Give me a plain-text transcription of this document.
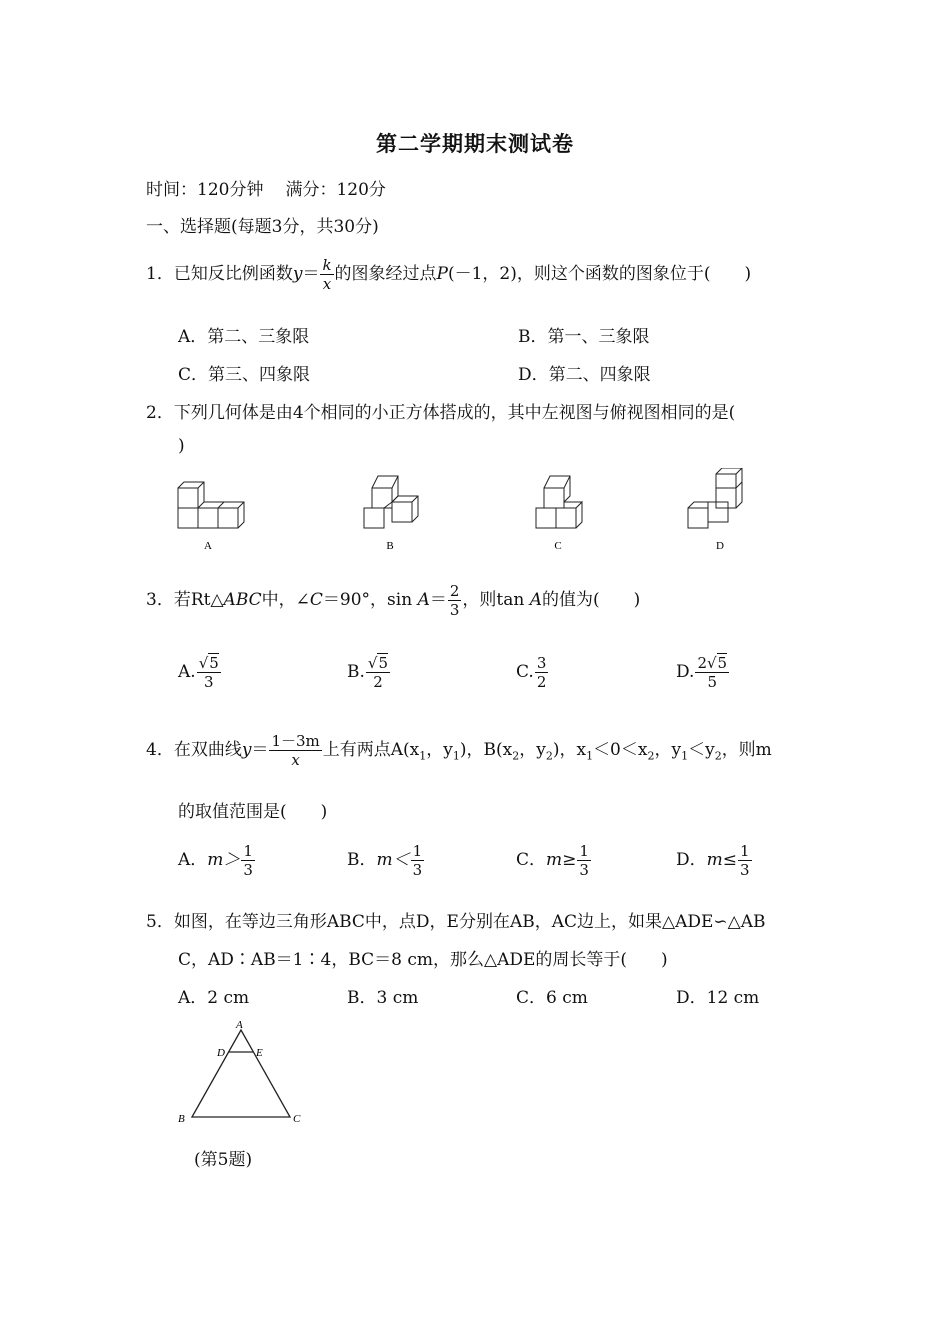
第二学期期末测试卷
时间：120分钟 满分：120分
一、选择题(每题3分，共30分)
1．已知反比例函数$y= \frac{k}{x}$ 的图象经过点P(－1，2)，则这个函数的图象位于(　　)
A．第二、三象限	B．第一、三象限
C．第三、四象限	D．第二、四象限
2．下列几何体是由4个相同的小正方体搭成的，其中左视图与俯视图相同的是(
)
A	B	C	D
3．若Rt△ABC中，∠C＝90°，$\sin A= \frac{2}{3}$ ，则tan A的值为(　　)
A. $\frac{√5}{3}$	B. $\frac{√5}{2}$	C. $\frac{3}{2}$	D. $\frac{2√5}{5}$
4．在双曲线$y= \frac{1-3m}{x}$ 上有两点$A(x_1$，$y_1$)，$B(x_2$，$y_2$)，$x_1<0<x_2$，$y_1<y_2$，则m
的取值范围是(　　)
A．$m> \frac{1}{3}$	B．$m< \frac{1}{3}$	C．$m\ge \frac{1}{3}$	D．$m\le \frac{1}{3}$
5．如图，在等边三角形ABC中，点D，E分别在AB，AC边上，如果△ADE∽△AB
C，AD∶AB＝1∶4，BC＝8 cm，那么△ADE的周长等于(　　)
A．2 cm	B．3 cm	C．6 cm	D．12 cm
A
D	E
B	C
(第5题)
